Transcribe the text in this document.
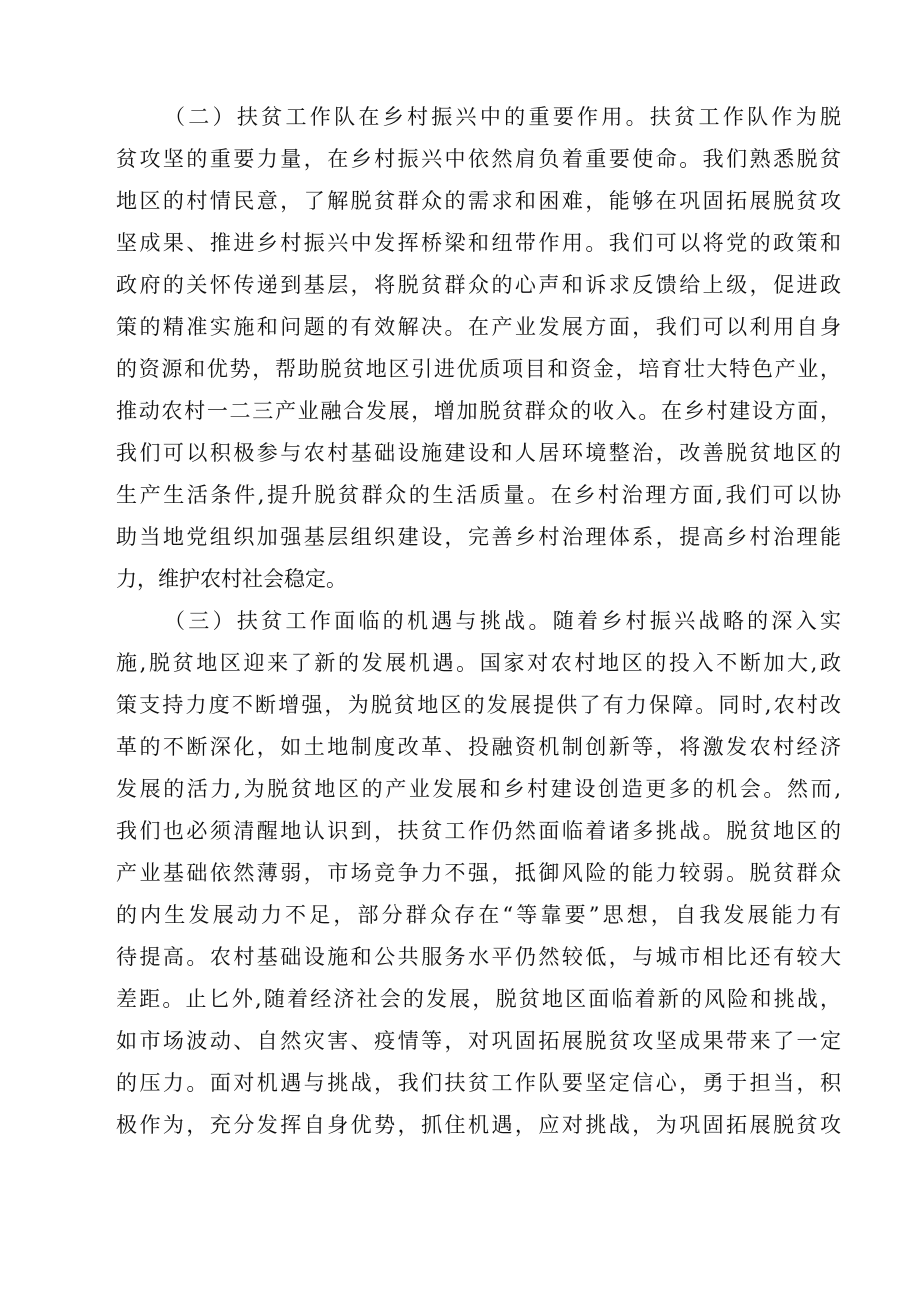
（二）扶贫工作队在乡村振兴中的重要作用。扶贫工作队作为脱
贫攻坚的重要力量，在乡村振兴中依然肩负着重要使命。我们熟悉脱贫
地区的村情民意，了解脱贫群众的需求和困难，能够在巩固拓展脱贫攻
坚成果、推进乡村振兴中发挥桥梁和纽带作用。我们可以将党的政策和
政府的关怀传递到基层，将脱贫群众的心声和诉求反馈给上级，促进政
策的精准实施和问题的有效解决。在产业发展方面，我们可以利用自身
的资源和优势，帮助脱贫地区引进优质项目和资金，培育壮大特色产业，
推动农村一二三产业融合发展，增加脱贫群众的收入。在乡村建设方面，
我们可以积极参与农村基础设施建设和人居环境整治，改善脱贫地区的
生产生活条件,提升脱贫群众的生活质量。在乡村治理方面,我们可以协
助当地党组织加强基层组织建设，完善乡村治理体系，提高乡村治理能
力，维护农村社会稳定。
（三）扶贫工作面临的机遇与挑战。随着乡村振兴战略的深入实
施,脱贫地区迎来了新的发展机遇。国家对农村地区的投入不断加大,政
策支持力度不断增强，为脱贫地区的发展提供了有力保障。同时,农村改
革的不断深化，如土地制度改革、投融资机制创新等，将激发农村经济
发展的活力,为脱贫地区的产业发展和乡村建设创造更多的机会。然而,
我们也必须清醒地认识到，扶贫工作仍然面临着诸多挑战。脱贫地区的
产业基础依然薄弱，市场竞争力不强，抵御风险的能力较弱。脱贫群众
的内生发展动力不足，部分群众存在“等靠要”思想，自我发展能力有
待提高。农村基础设施和公共服务水平仍然较低，与城市相比还有较大
差距。止匕外,随着经济社会的发展，脱贫地区面临着新的风险和挑战，
如市场波动、自然灾害、疫情等，对巩固拓展脱贫攻坚成果带来了一定
的压力。面对机遇与挑战，我们扶贫工作队要坚定信心，勇于担当，积
极作为，充分发挥自身优势，抓住机遇，应对挑战，为巩固拓展脱贫攻
